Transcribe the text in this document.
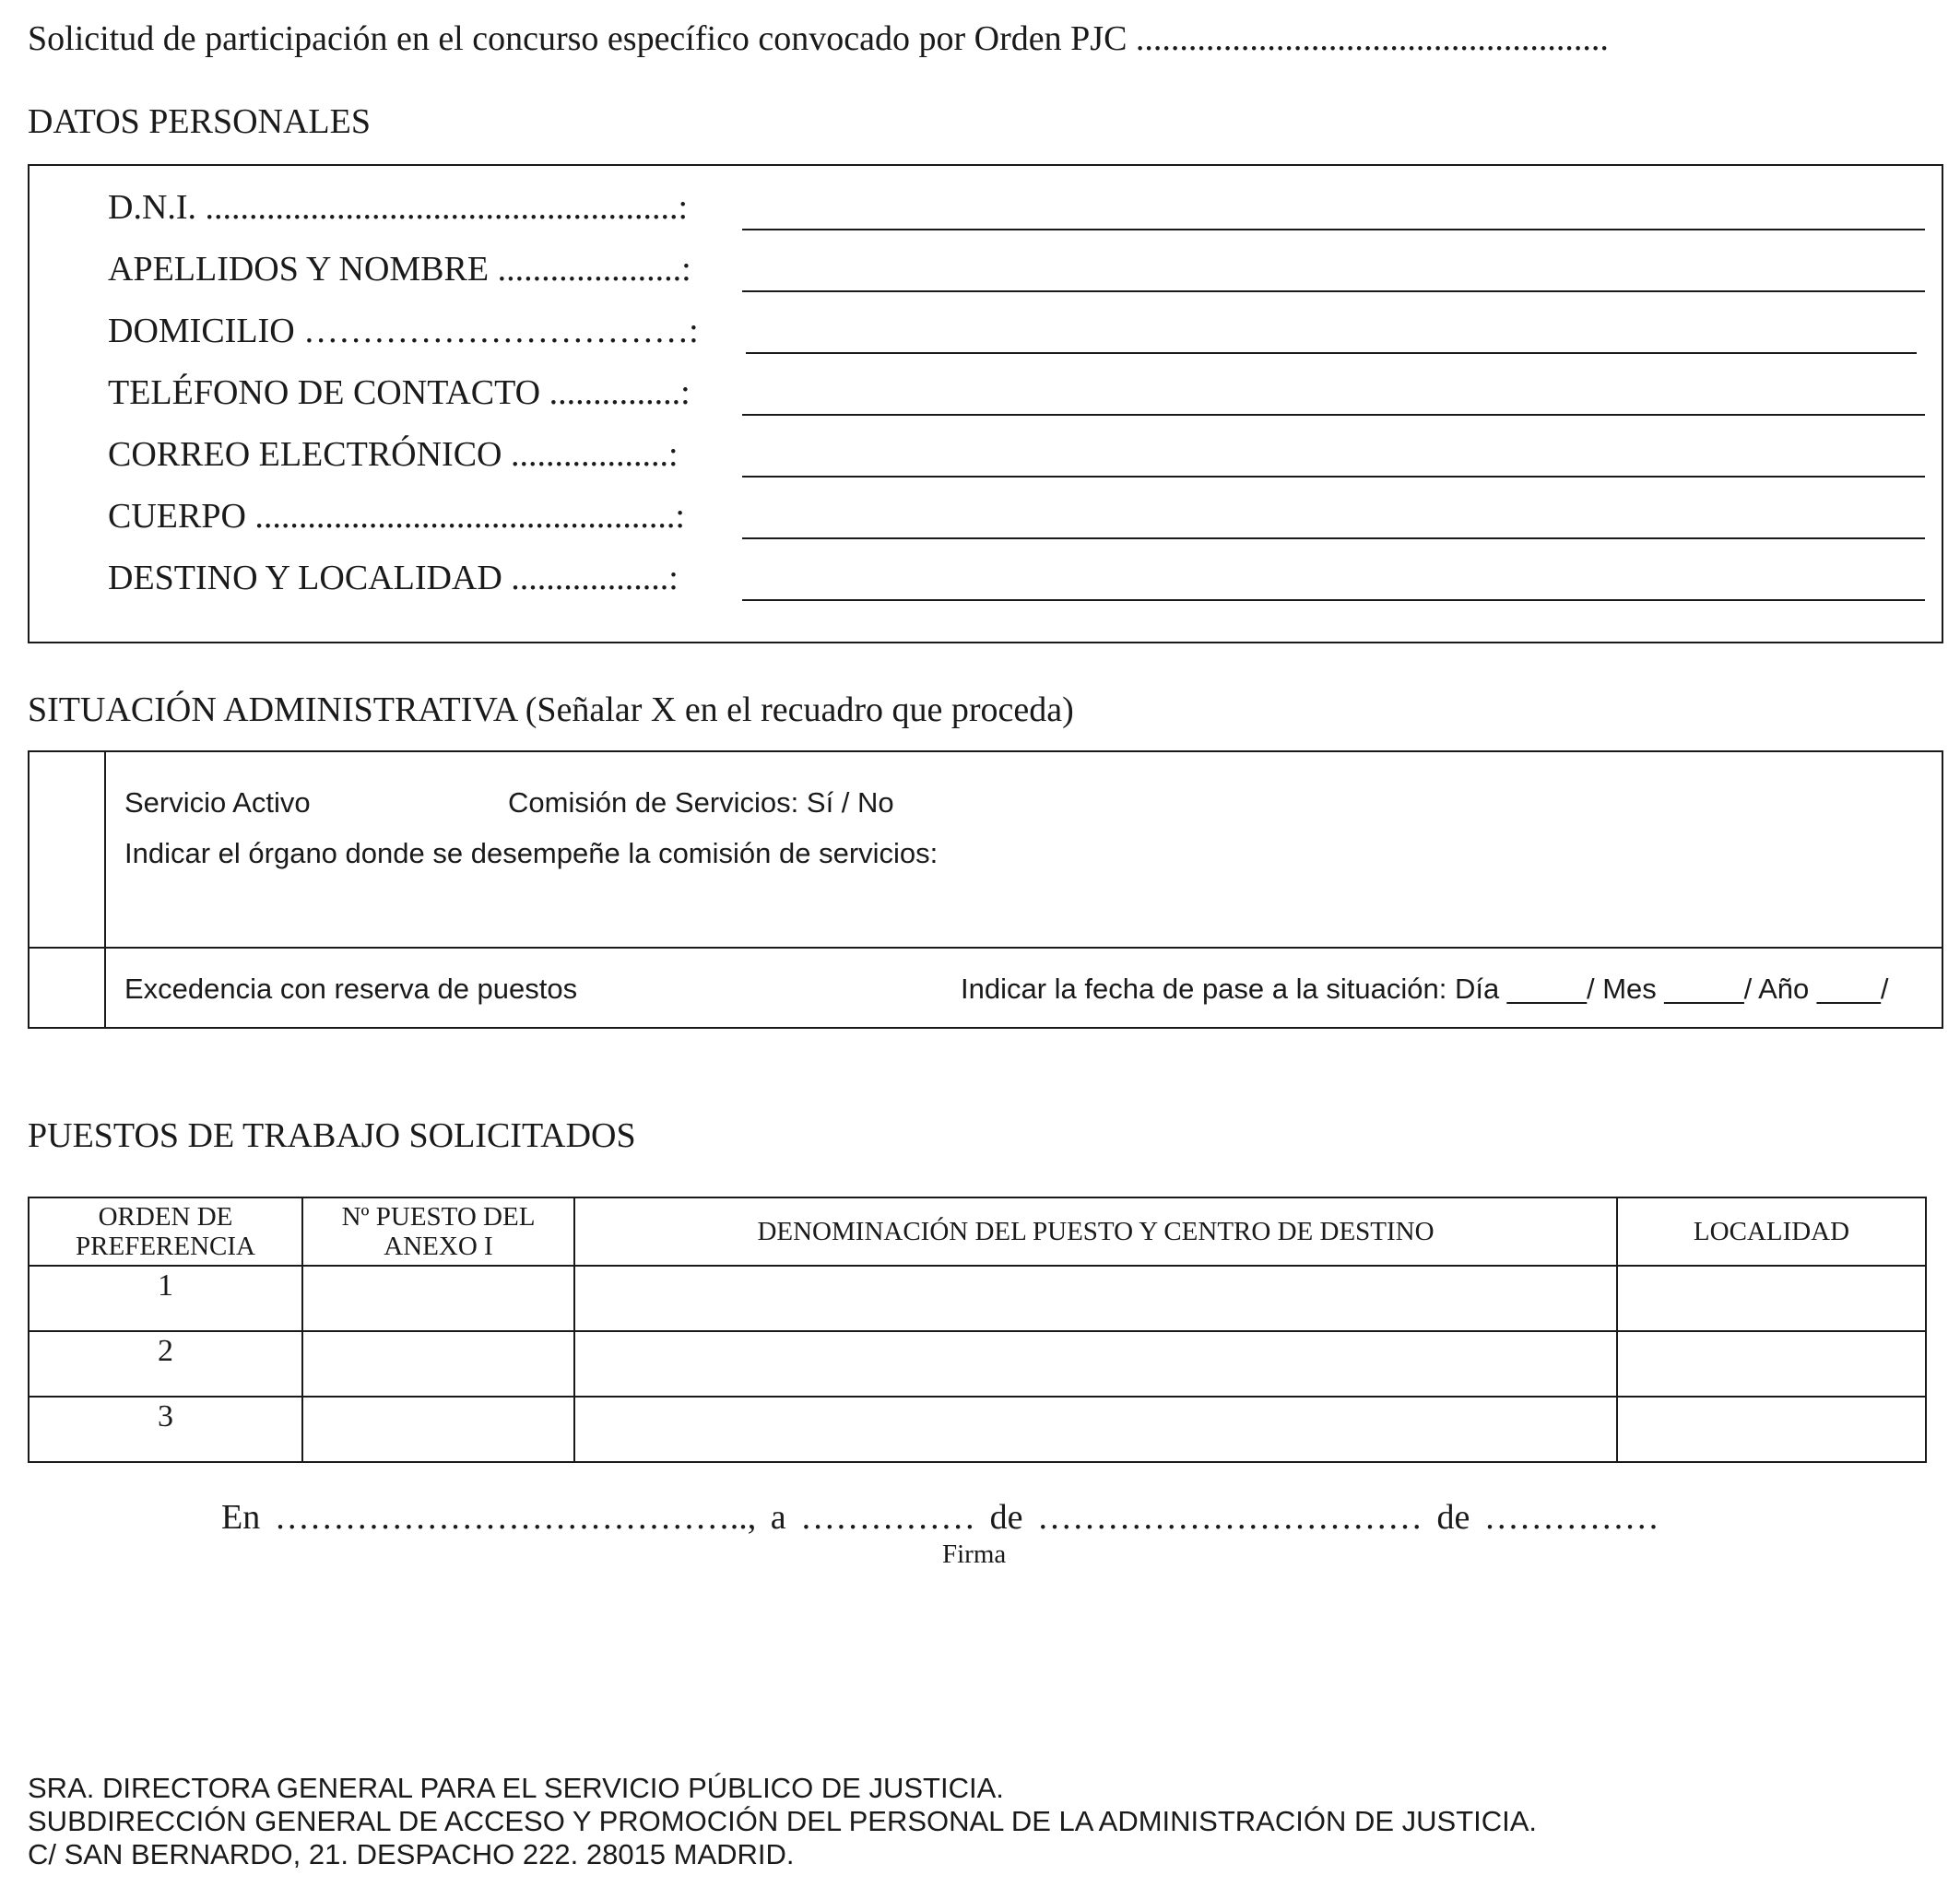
Solicitud de participación en el concurso específico convocado por Orden PJC ......................................................
DATOS PERSONALES
D.N.I. ......................................................:
APELLIDOS Y NOMBRE .....................:
DOMICILIO ……………………………:
TELÉFONO DE CONTACTO ...............:
CORREO ELECTRÓNICO ..................:
CUERPO ................................................:
DESTINO Y LOCALIDAD ..................:
SITUACIÓN ADMINISTRATIVA (Señalar X en el recuadro que proceda)
Servicio Activo	Comisión de Servicios: Sí / No
Indicar el órgano donde se desempeñe la comisión de servicios:
Excedencia con reserva de puestos	Indicar la fecha de pase a la situación: Día _____/ Mes _____/ Año ____/
PUESTOS DE TRABAJO SOLICITADOS
ORDEN DE PREFERENCIA	Nº PUESTO DEL ANEXO I	DENOMINACIÓN DEL PUESTO Y CENTRO DE DESTINO	LOCALIDAD
1			
2			
3			
En ………………………………….., a …………… de …………………………… de ……………
Firma
SRA. DIRECTORA GENERAL PARA EL SERVICIO PÚBLICO DE JUSTICIA.
SUBDIRECCIÓN GENERAL DE ACCESO Y PROMOCIÓN DEL PERSONAL DE LA ADMINISTRACIÓN DE JUSTICIA.
C/ SAN BERNARDO, 21. DESPACHO 222. 28015 MADRID.
